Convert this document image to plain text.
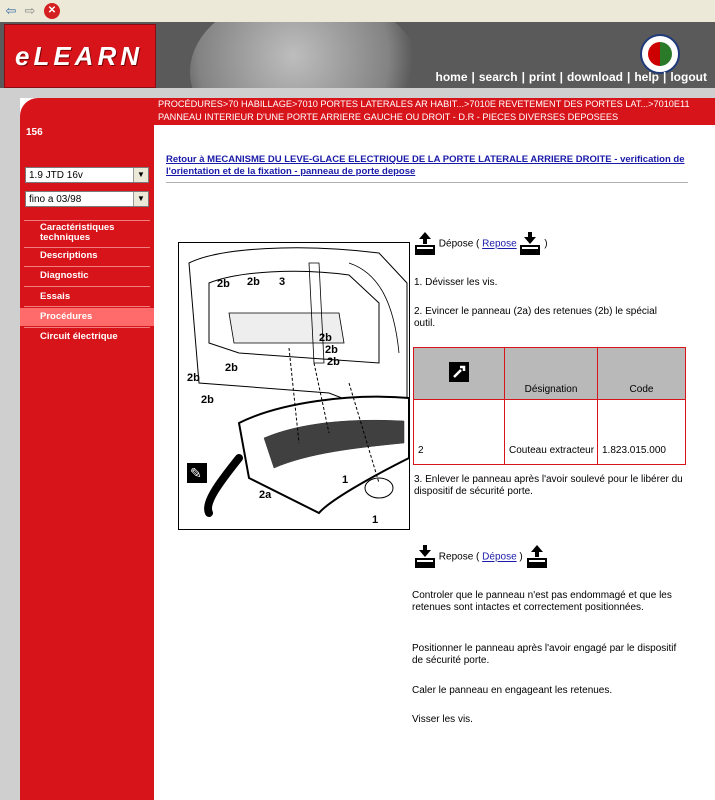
⇦ ⇨	✕
eLEARN
home | search | print | download | help | logout
156
1.9 JTD 16v	▼
fino a 03/98	▼
Caractéristiques techniques
Descriptions
Diagnostic
Essais
Procédures
Circuit électrique
PROCÉDURES>70 HABILLAGE>7010 PORTES LATERALES AR HABIT...>7010E REVETEMENT DES PORTES LAT...>7010E11
PANNEAU INTERIEUR D'UNE PORTE ARRIERE GAUCHE OU DROIT - D.R - PIECES DIVERSES DEPOSEES
Retour à MECANISME DU LEVE-GLACE ELECTRIQUE DE LA PORTE LATERALE ARRIERE DROITE - verification de l'orientation et de la fixation - panneau de porte depose
✎
2b 2b 3
2b
2b
2b
2b
2b
2b
2a
1
1
Dépose ( Repose	)
1. Dévisser les vis.
2. Evincer le panneau (2a) des retenues (2b) le spécial outil.
	Désignation	Code
2	Couteau extracteur	1.823.015.000
3. Enlever le panneau après l'avoir soulevé pour le libérer du dispositif de sécurité porte.
Repose ( Dépose )
Controler que le panneau n'est pas endommagé et que les retenues sont intactes et correctement positionnées.
Positionner le panneau après l'avoir engagé par le dispositif de sécurité porte.
Caler le panneau en engageant les retenues.
Visser les vis.
